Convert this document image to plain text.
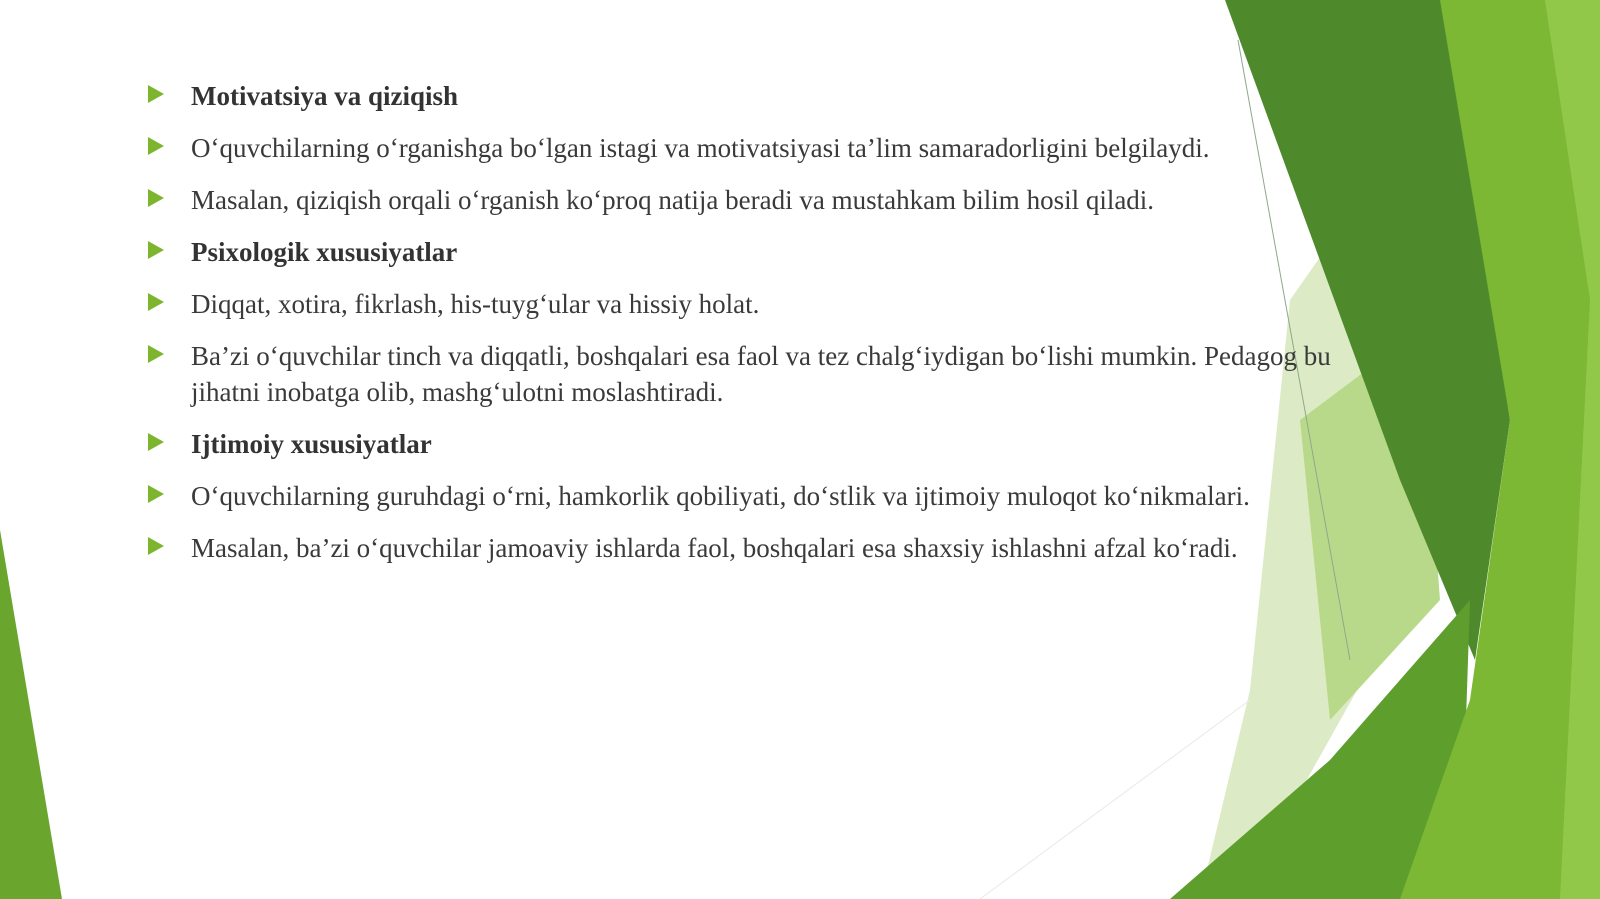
Motivatsiya va qiziqish
O‘quvchilarning o‘rganishga bo‘lgan istagi va motivatsiyasi ta’lim samaradorligini belgilaydi.
Masalan, qiziqish orqali o‘rganish ko‘proq natija beradi va mustahkam bilim hosil qiladi.
Psixologik xususiyatlar
Diqqat, xotira, fikrlash, his-tuyg‘ular va hissiy holat.
Ba’zi o‘quvchilar tinch va diqqatli, boshqalari esa faol va tez chalg‘iydigan bo‘lishi mumkin. Pedagog bu jihatni inobatga olib, mashg‘ulotni moslashtiradi.
Ijtimoiy xususiyatlar
O‘quvchilarning guruhdagi o‘rni, hamkorlik qobiliyati, do‘stlik va ijtimoiy muloqot ko‘nikmalari.
Masalan, ba’zi o‘quvchilar jamoaviy ishlarda faol, boshqalari esa shaxsiy ishlashni afzal ko‘radi.
